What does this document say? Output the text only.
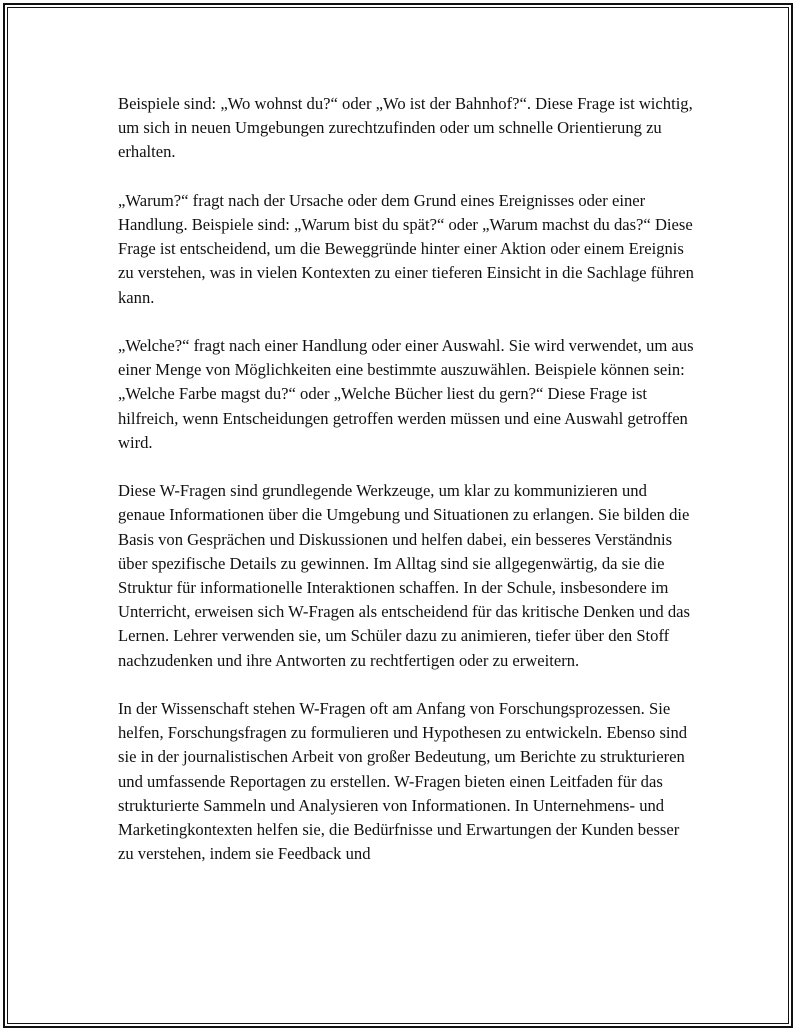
Beispiele sind: „Wo wohnst du?“ oder „Wo ist der Bahnhof?“. Diese Frage ist wichtig, um sich in neuen Umgebungen zurechtzufinden oder um schnelle Orientierung zu erhalten.

„Warum?“ fragt nach der Ursache oder dem Grund eines Ereignisses oder einer Handlung. Beispiele sind: „Warum bist du spät?“ oder „Warum machst du das?“ Diese Frage ist entscheidend, um die Beweggründe hinter einer Aktion oder einem Ereignis zu verstehen, was in vielen Kontexten zu einer tieferen Einsicht in die Sachlage führen kann.

„Welche?“ fragt nach einer Handlung oder einer Auswahl. Sie wird verwendet, um aus einer Menge von Möglichkeiten eine bestimmte auszuwählen. Beispiele können sein: „Welche Farbe magst du?“ oder „Welche Bücher liest du gern?“ Diese Frage ist hilfreich, wenn Entscheidungen getroffen werden müssen und eine Auswahl getroffen wird.

Diese W-Fragen sind grundlegende Werkzeuge, um klar zu kommunizieren und genaue Informationen über die Umgebung und Situationen zu erlangen. Sie bilden die Basis von Gesprächen und Diskussionen und helfen dabei, ein besseres Verständnis über spezifische Details zu gewinnen. Im Alltag sind sie allgegenwärtig, da sie die Struktur für informationelle Interaktionen schaffen. In der Schule, insbesondere im Unterricht, erweisen sich W-Fragen als entscheidend für das kritische Denken und das Lernen. Lehrer verwenden sie, um Schüler dazu zu animieren, tiefer über den Stoff nachzudenken und ihre Antworten zu rechtfertigen oder zu erweitern.

In der Wissenschaft stehen W-Fragen oft am Anfang von Forschungsprozessen. Sie helfen, Forschungsfragen zu formulieren und Hypothesen zu entwickeln. Ebenso sind sie in der journalistischen Arbeit von großer Bedeutung, um Berichte zu strukturieren und umfassende Reportagen zu erstellen. W-Fragen bieten einen Leitfaden für das strukturierte Sammeln und Analysieren von Informationen. In Unternehmens- und Marketingkontexten helfen sie, die Bedürfnisse und Erwartungen der Kunden besser zu verstehen, indem sie Feedback und
